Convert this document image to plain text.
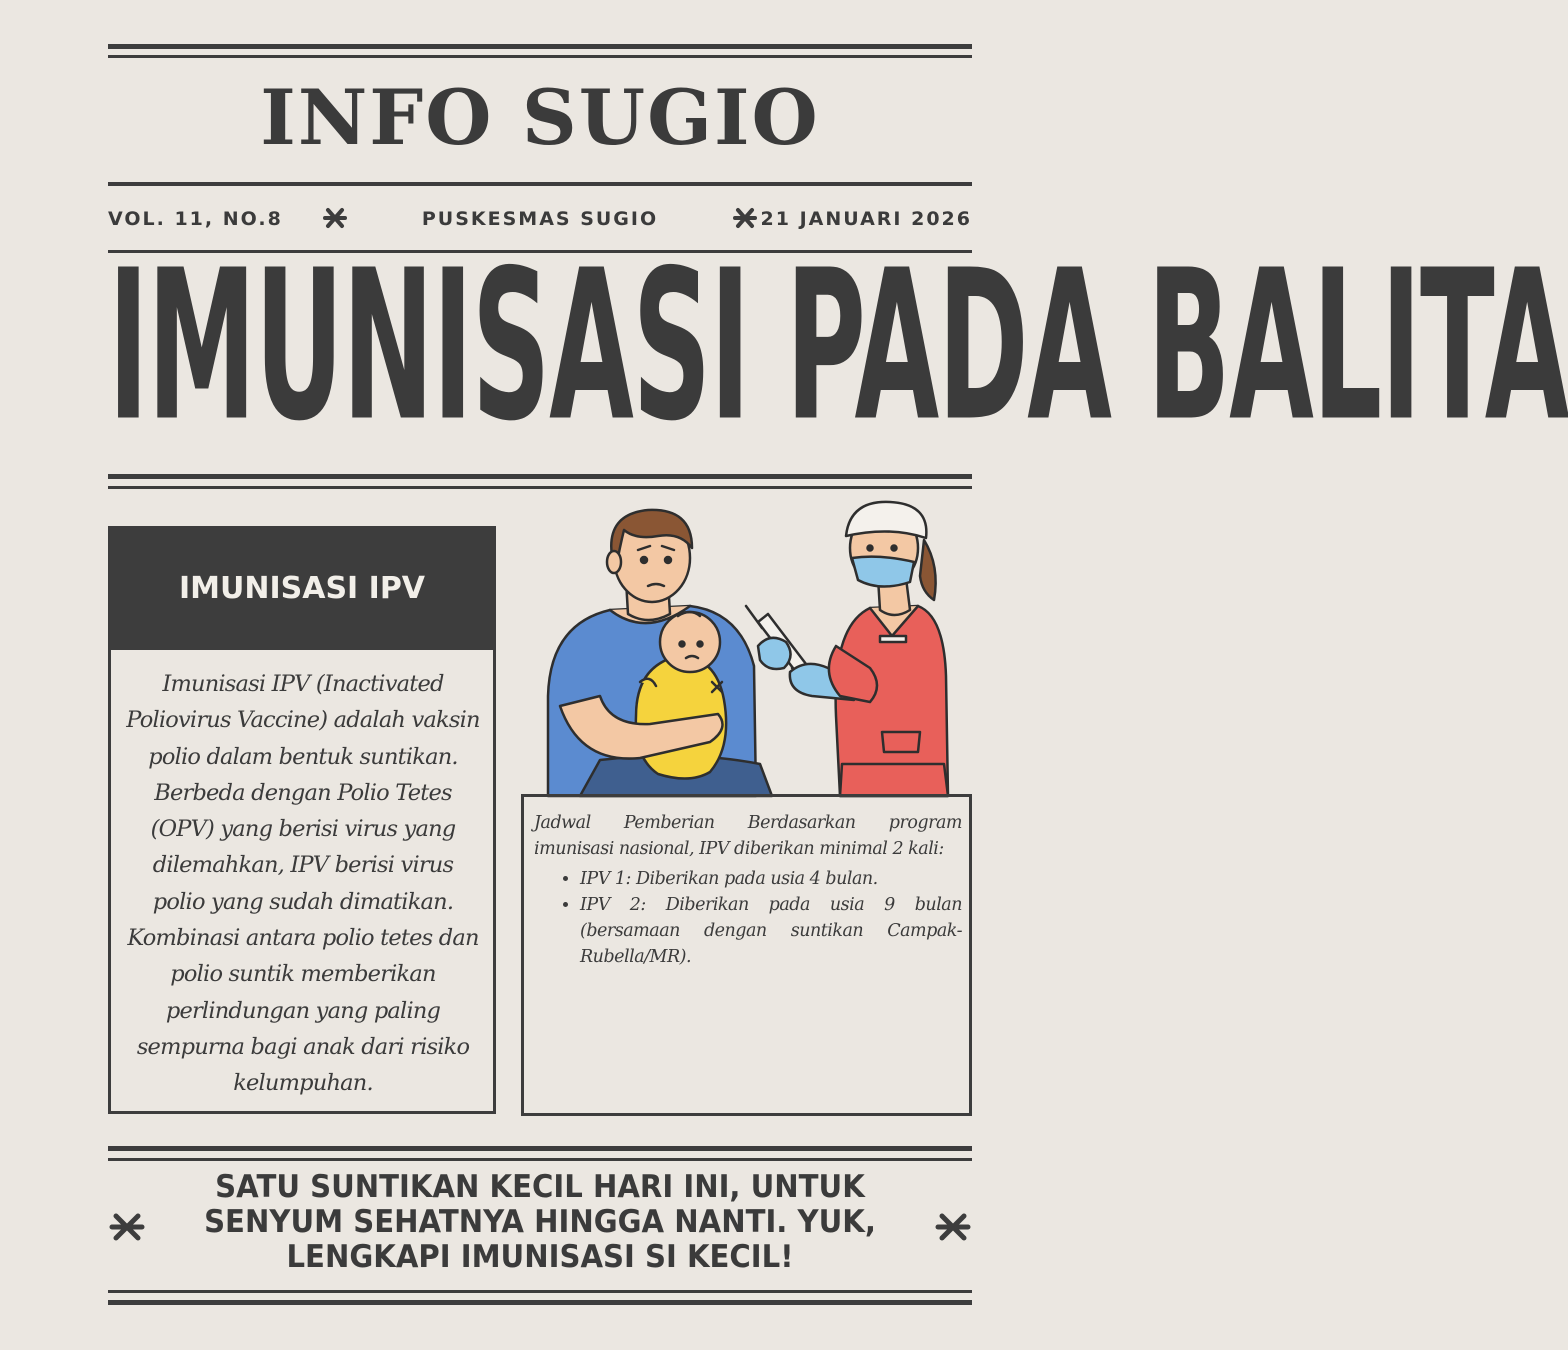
INFO SUGIO
VOL. 11, NO.8	PUSKESMAS SUGIO	21 JANUARI 2026
IMUNISASI PADA BALITA
IMUNISASI IPV
Imunisasi IPV (Inactivated Poliovirus Vaccine) adalah vaksin polio dalam bentuk suntikan. Berbeda dengan Polio Tetes (OPV) yang berisi virus yang dilemahkan, IPV berisi virus polio yang sudah dimatikan. Kombinasi antara polio tetes dan polio suntik memberikan perlindungan yang paling sempurna bagi anak dari risiko kelumpuhan.
Jadwal Pemberian Berdasarkan program imunisasi nasional, IPV diberikan minimal 2 kali:
• IPV 1: Diberikan pada usia 4 bulan.
• IPV 2: Diberikan pada usia 9 bulan (bersamaan dengan suntikan Campak-Rubella/MR).
SATU SUNTIKAN KECIL HARI INI, UNTUK SENYUM SEHATNYA HINGGA NANTI. YUK, LENGKAPI IMUNISASI SI KECIL!
